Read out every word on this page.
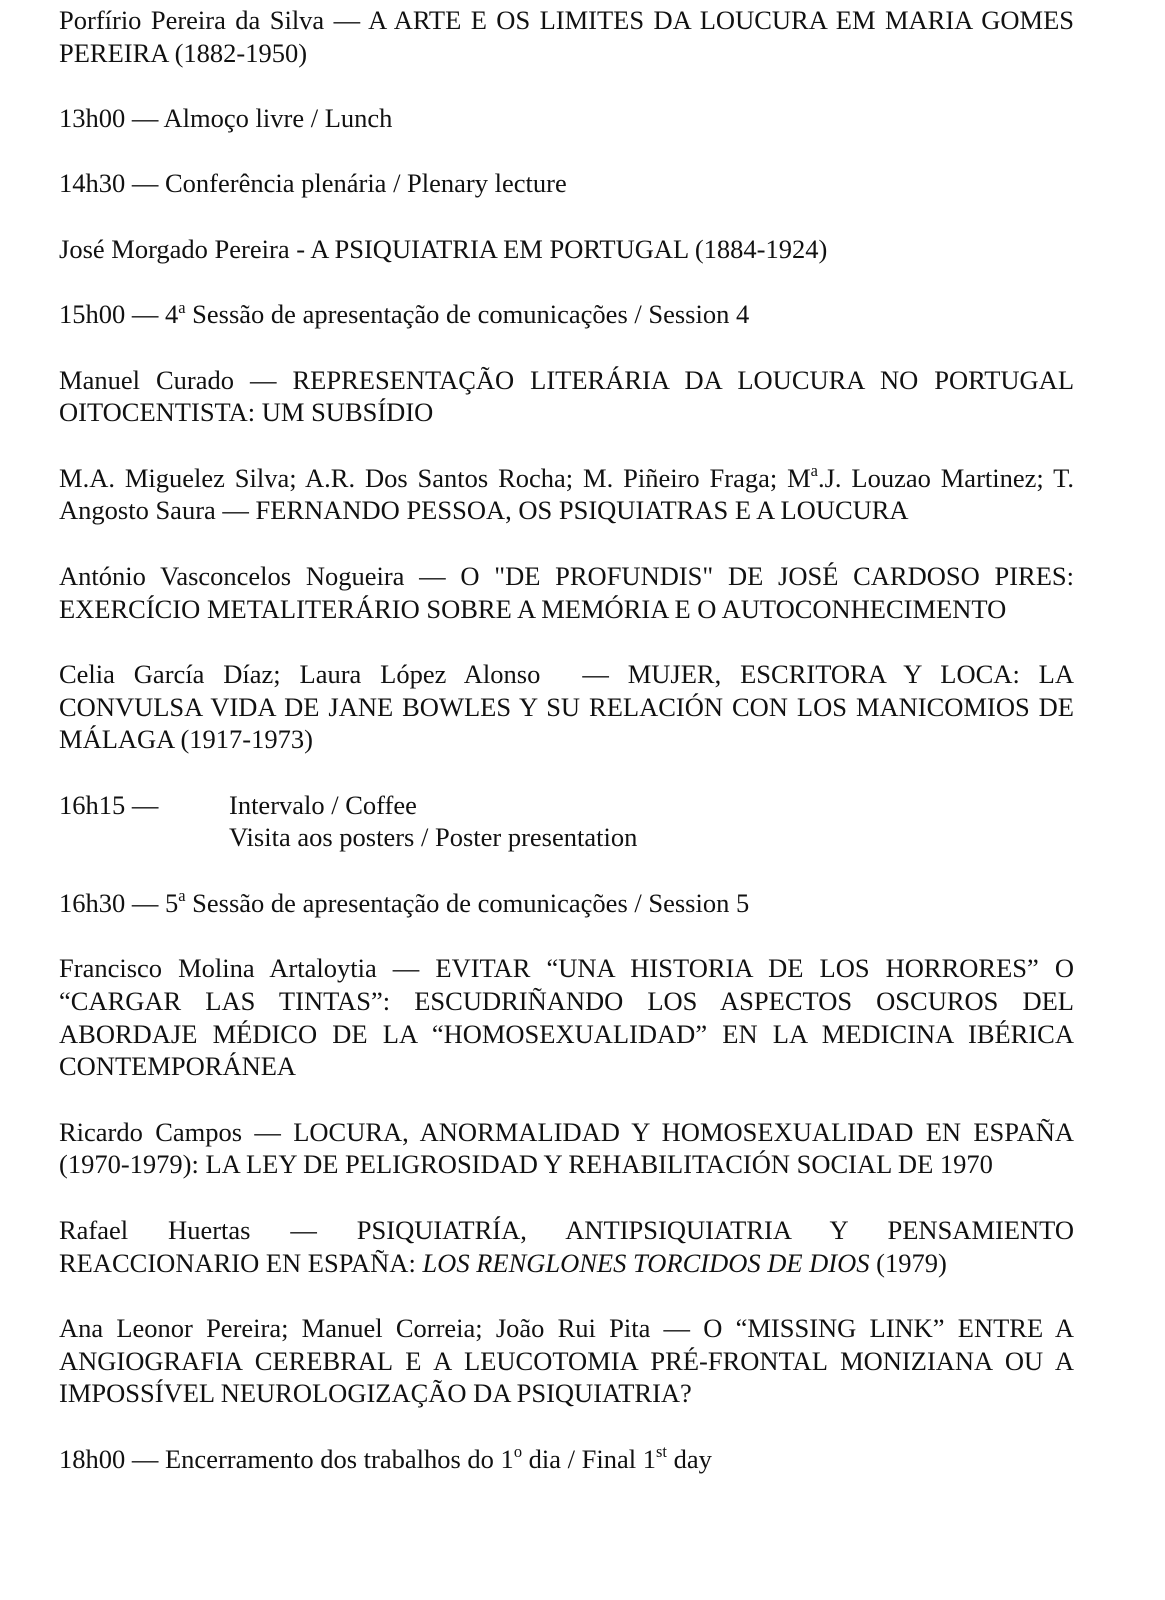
Porfírio Pereira da Silva — A ARTE E OS LIMITES DA LOUCURA EM MARIA GOMES PEREIRA (1882-1950)

13h00 — Almoço livre / Lunch

14h30 — Conferência plenária / Plenary lecture

José Morgado Pereira - A PSIQUIATRIA EM PORTUGAL (1884-1924)

15h00 — 4$^a$ Sessão de apresentação de comunicações / Session 4

Manuel Curado — REPRESENTAÇÃO LITERÁRIA DA LOUCURA NO PORTUGAL OITOCENTISTA: UM SUBSÍDIO

M.A. Miguelez Silva; A.R. Dos Santos Rocha; M. Piñeiro Fraga; $M^a.J$. Louzao Martinez; T. Angosto Saura — FERNANDO PESSOA, OS PSIQUIATRAS E A LOUCURA

António Vasconcelos Nogueira — O "DE PROFUNDIS" DE JOSÉ CARDOSO PIRES: EXERCÍCIO METALITERÁRIO SOBRE A MEMÓRIA E O AUTOCONHECIMENTO

Celia García Díaz; Laura López Alonso — MUJER, ESCRITORA Y LOCA: LA CONVULSA VIDA DE JANE BOWLES Y SU RELACIÓN CON LOS MANICOMIOS DE MÁLAGA (1917-1973)

16h15 —	Intervalo / Coffee
Visita aos posters / Poster presentation

16h30 — 5$^a$ Sessão de apresentação de comunicações / Session 5

Francisco Molina Artaloytia — EVITAR “UNA HISTORIA DE LOS HORRORES” O “CARGAR LAS TINTAS”: ESCUDRIÑANDO LOS ASPECTOS OSCUROS DEL ABORDAJE MÉDICO DE LA “HOMOSEXUALIDAD” EN LA MEDICINA IBÉRICA CONTEMPORÁNEA

Ricardo Campos — LOCURA, ANORMALIDAD Y HOMOSEXUALIDAD EN ESPAÑA (1970-1979): LA LEY DE PELIGROSIDAD Y REHABILITACIÓN SOCIAL DE 1970

Rafael Huertas — PSIQUIATRÍA, ANTIPSIQUIATRIA Y PENSAMIENTO REACCIONARIO EN ESPAÑA: LOS RENGLONES TORCIDOS DE DIOS (1979)

Ana Leonor Pereira; Manuel Correia; João Rui Pita — O “MISSING LINK” ENTRE A ANGIOGRAFIA CEREBRAL E A LEUCOTOMIA PRÉ-FRONTAL MONIZIANA OU A IMPOSSÍVEL NEUROLOGIZAÇÃO DA PSIQUIATRIA?

18h00 — Encerramento dos trabalhos do 1$^o$ dia / Final 1st day
